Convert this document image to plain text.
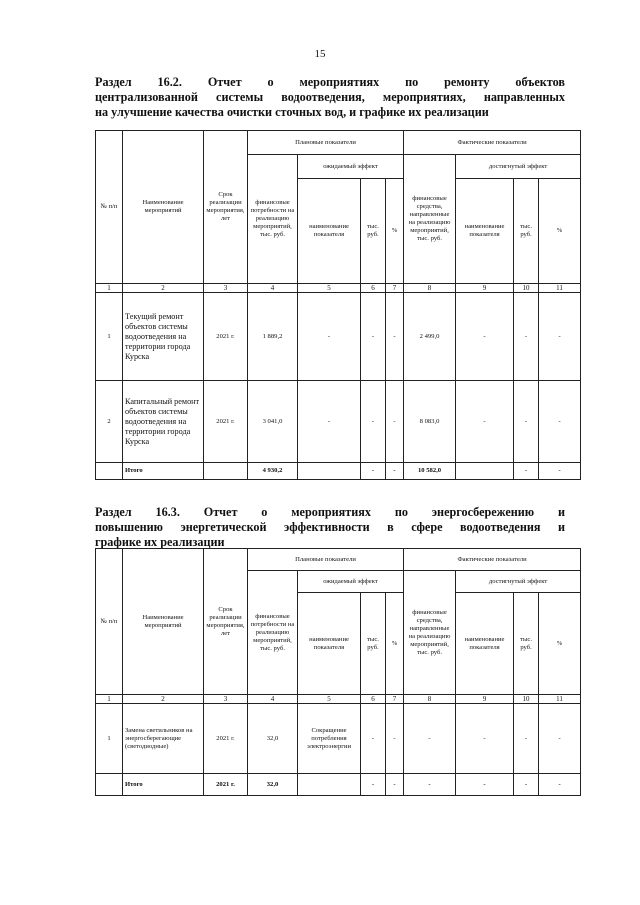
15
Раздел 16.2. Отчет о мероприятиях по ремонту объектов
централизованной системы водоотведения, мероприятиях, направленных
на улучшение качества очистки сточных вод, и графике их реализации
№ п/п	Наименование мероприятий	Срок реализации мероприятия, лет	Плановые показатели				Фактические показатели			
			финансовые потребности на реализацию мероприятий, тыс. руб.	ожидаемый эффект			финансовые средства, направленные на реализацию мероприятий, тыс. руб.	достигнутый эффект		
				наименование показателя	тыс. руб.	%		наименование показателя	тыс. руб.	%
1	2	3	4	5	6	7	8	9	10	11
1	Текущий ремонт объектов системы водоотведения на территории города Курска	2021 г.	1 889,2	-	-	-	2 499,0	-	-	-
2	Капитальный ремонт объектов системы водоотведения на территории города Курска	2021 г.	3 041,0	-	-	-	8 083,0	-	-	-
	Итого		4 930,2		-	-	10 582,0		-	-
Раздел 16.3. Отчет о мероприятиях по энергосбережению и
повышению энергетической эффективности в сфере водоотведения и
графике их реализации
№ п/п	Наименование мероприятий	Срок реализации мероприятия, лет	Плановые показатели				Фактические показатели			
			финансовые потребности на реализацию мероприятий, тыс. руб.	ожидаемый эффект			финансовые средства, направленные на реализацию мероприятий, тыс. руб.	достигнутый эффект		
				наименование показателя	тыс. руб.	%		наименование показателя	тыс. руб.	%
1	2	3	4	5	6	7	8	9	10	11
1	Замена светильников на энергосберегающие (светодиодные)	2021 г.	32,0	Сокращение потребления электроэнергии	-	-	-	-	-	-
	Итого	2021 г.	32,0		-	-	-	-	-	-
